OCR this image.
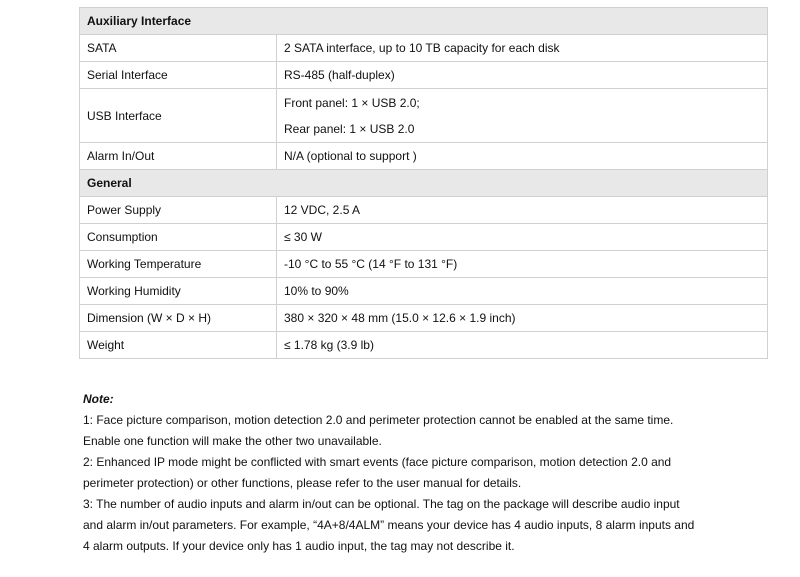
Auxiliary Interface	
SATA	2 SATA interface, up to 10 TB capacity for each disk
Serial Interface	RS-485 (half-duplex)
USB Interface	Front panel: 1 × USB 2.0;
Rear panel: 1 × USB 2.0

Alarm In/Out	N/A (optional to support )
General	
Power Supply	12 VDC, 2.5 A
Consumption	≤ 30 W
Working Temperature	-10 °C to 55 °C (14 °F to 131 °F)
Working Humidity	10% to 90%
Dimension (W × D × H)	380 × 320 × 48 mm (15.0 × 12.6 × 1.9 inch)
Weight	≤ 1.78 kg (3.9 lb)
Note:
1: Face picture comparison, motion detection 2.0 and perimeter protection cannot be enabled at the same time.
Enable one function will make the other two unavailable.
2: Enhanced IP mode might be conflicted with smart events (face picture comparison, motion detection 2.0 and
perimeter protection) or other functions, please refer to the user manual for details.
3: The number of audio inputs and alarm in/out can be optional. The tag on the package will describe audio input
and alarm in/out parameters. For example, “4A+8/4ALM” means your device has 4 audio inputs, 8 alarm inputs and
4 alarm outputs. If your device only has 1 audio input, the tag may not describe it.
